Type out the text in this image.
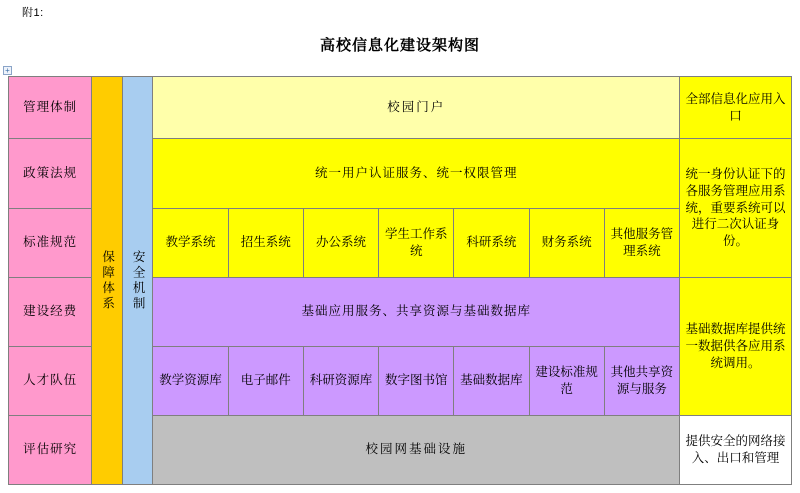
附1:
高校信息化建设架构图
+
管理体制	保障体系	安全机制	校园门户							全部信息化应用入口
政策法规			统一用户认证服务、统一权限管理							统一身份认证下的各服务管理应用系统，重要系统可以进行二次认证身份。
标准规范			教学系统	招生系统	办公系统	学生工作系统	科研系统	财务系统	其他服务管理系统	
建设经费			基础应用服务、共享资源与基础数据库							基础数据库提供统一数据供各应用系统调用。
人才队伍			教学资源库	电子邮件	科研资源库	数字图书馆	基础数据库	建设标准规范	其他共享资源与服务	
评估研究			校园网基础设施							提供安全的网络接入、出口和管理
